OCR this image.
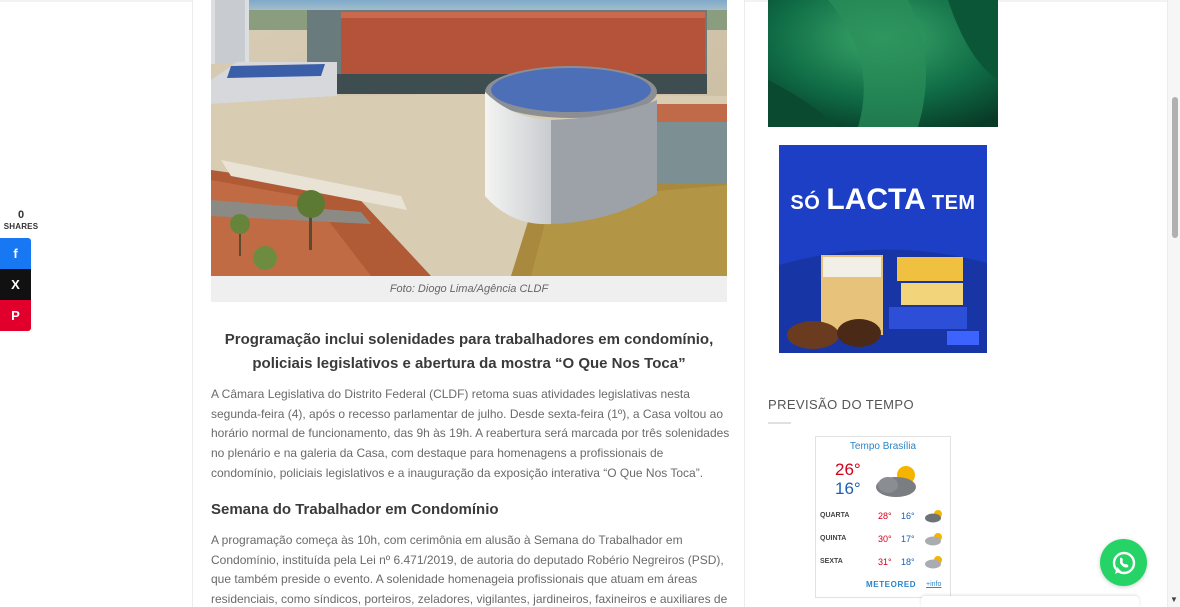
0
SHARES
f
X
P
Foto: Diogo Lima/Agência CLDF
Programação inclui solenidades para trabalhadores em condomínio, policiais legislativos e abertura da mostra “O Que Nos Toca”
A Câmara Legislativa do Distrito Federal (CLDF) retoma suas atividades legislativas nesta segunda-feira (4), após o recesso parlamentar de julho. Desde sexta-feira (1º), a Casa voltou ao horário normal de funcionamento, das 9h às 19h. A reabertura será marcada por três solenidades no plenário e na galeria da Casa, com destaque para homenagens a profissionais de condomínio, policiais legislativos e a inauguração da exposição interativa “O Que Nos Toca”.
Semana do Trabalhador em Condomínio
A programação começa às 10h, com cerimônia em alusão à Semana do Trabalhador em Condomínio, instituída pela Lei nº 6.471/2019, de autoria do deputado Robério Negreiros (PSD), que também preside o evento. A solenidade homenageia profissionais que atuam em áreas residenciais, como síndicos, porteiros, zeladores, vigilantes, jardineiros, faxineiros e auxiliares de
SÓ LACTA TEM
PREVISÃO DO TEMPO
Tempo Brasília
26°
16°
QUARTA	28° 16°
QUINTA	30° 17°
SEXTA	31° 18°
METEORED +info
▼
